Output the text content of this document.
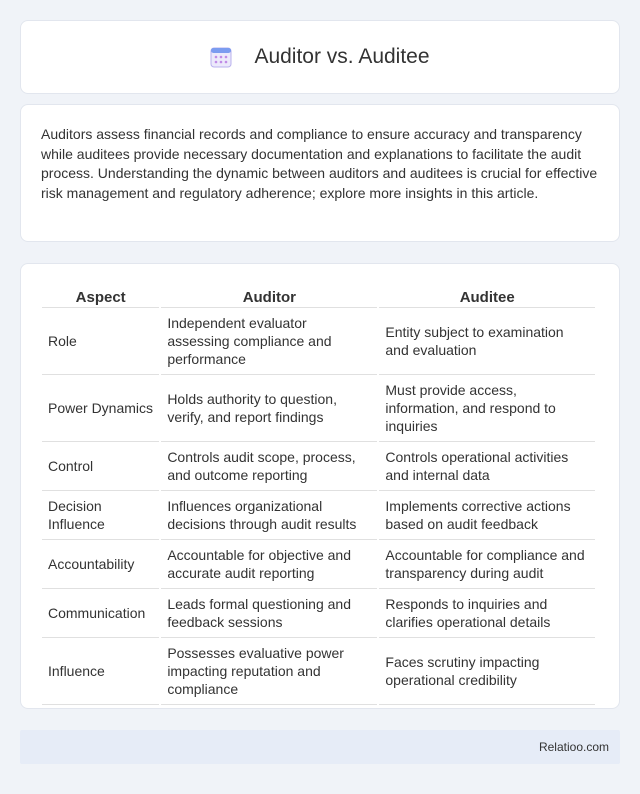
Auditor vs. Auditee

Auditors assess financial records and compliance to ensure accuracy and transparency while auditees provide necessary documentation and explanations to facilitate the audit process. Understanding the dynamic between auditors and auditees is crucial for effective risk management and regulatory adherence; explore more insights in this article.

Aspect	Auditor	Auditee
Role	Independent evaluator assessing compliance and performance	Entity subject to examination and evaluation
Power Dynamics	Holds authority to question, verify, and report findings	Must provide access, information, and respond to inquiries
Control	Controls audit scope, process, and outcome reporting	Controls operational activities and internal data
Decision Influence	Influences organizational decisions through audit results	Implements corrective actions based on audit feedback
Accountability	Accountable for objective and accurate audit reporting	Accountable for compliance and transparency during audit
Communication	Leads formal questioning and feedback sessions	Responds to inquiries and clarifies operational details
Influence	Possesses evaluative power impacting reputation and compliance	Faces scrutiny impacting operational credibility
Relatioo.com
